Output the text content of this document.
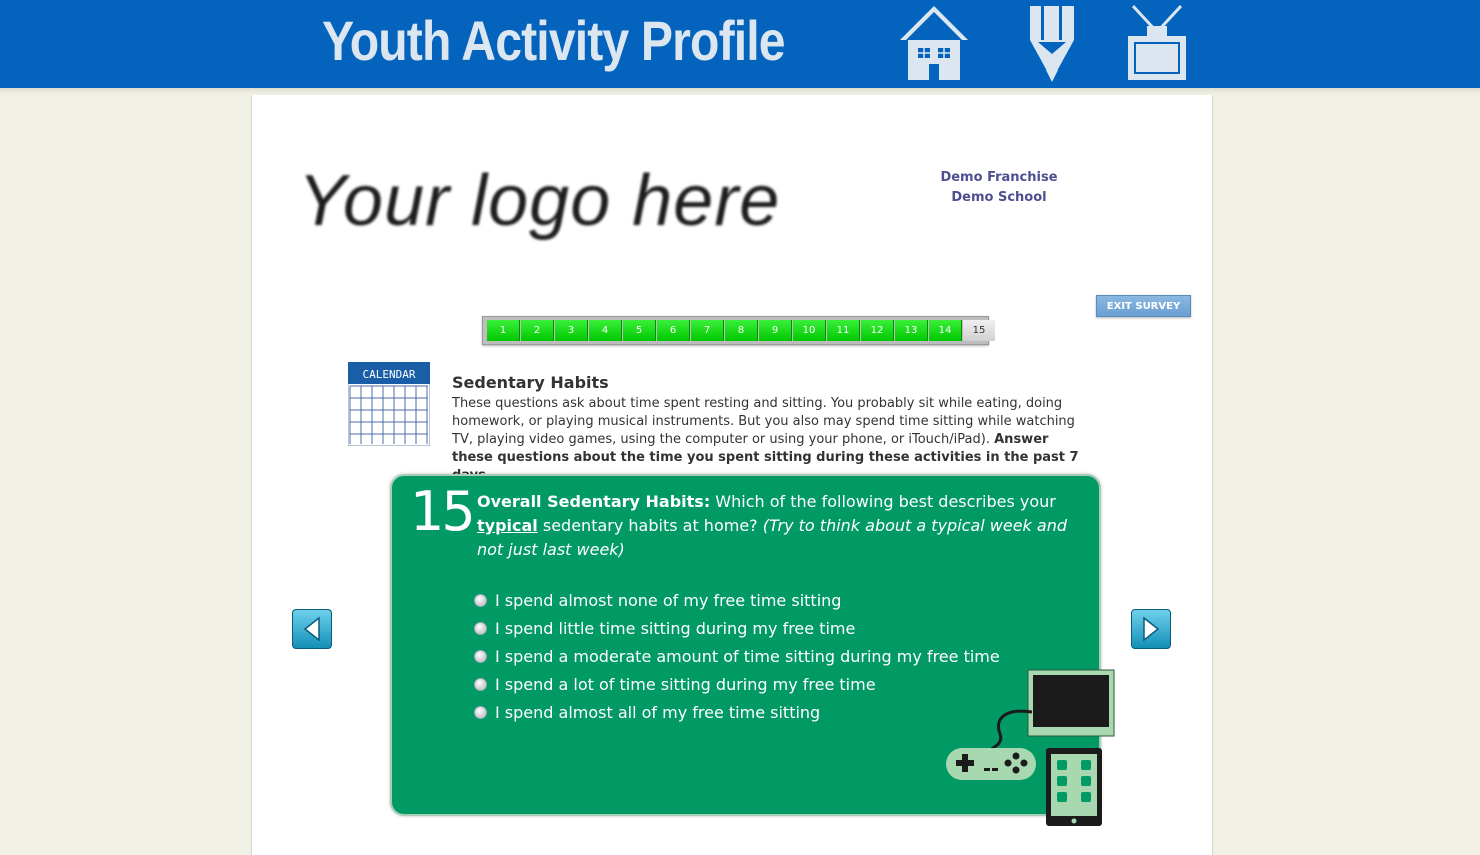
Youth Activity Profile
Your logo here	Demo Franchise
Demo School
EXIT SURVEY
1	2	3	4	5	6	7	8	9	10	11	12	13	14	15
CALENDAR Sedentary Habits
These questions ask about time spent resting and sitting. You probably sit while eating, doing homework, or playing musical instruments. But you also may spend time sitting while watching TV, playing video games, using the computer or using your phone, or iTouch/iPad). Answer these questions about the time you spent sitting during these activities in the past 7
15 Overall Sedentary Habits: Which of the following best describes your typical sedentary habits at home? (Try to think about a typical week and not just last week)
I spend almost none of my free time sitting
I spend little time sitting during my free time
I spend a moderate amount of time sitting during my free time
I spend a lot of time sitting during my free time
I spend almost all of my free time sitting
